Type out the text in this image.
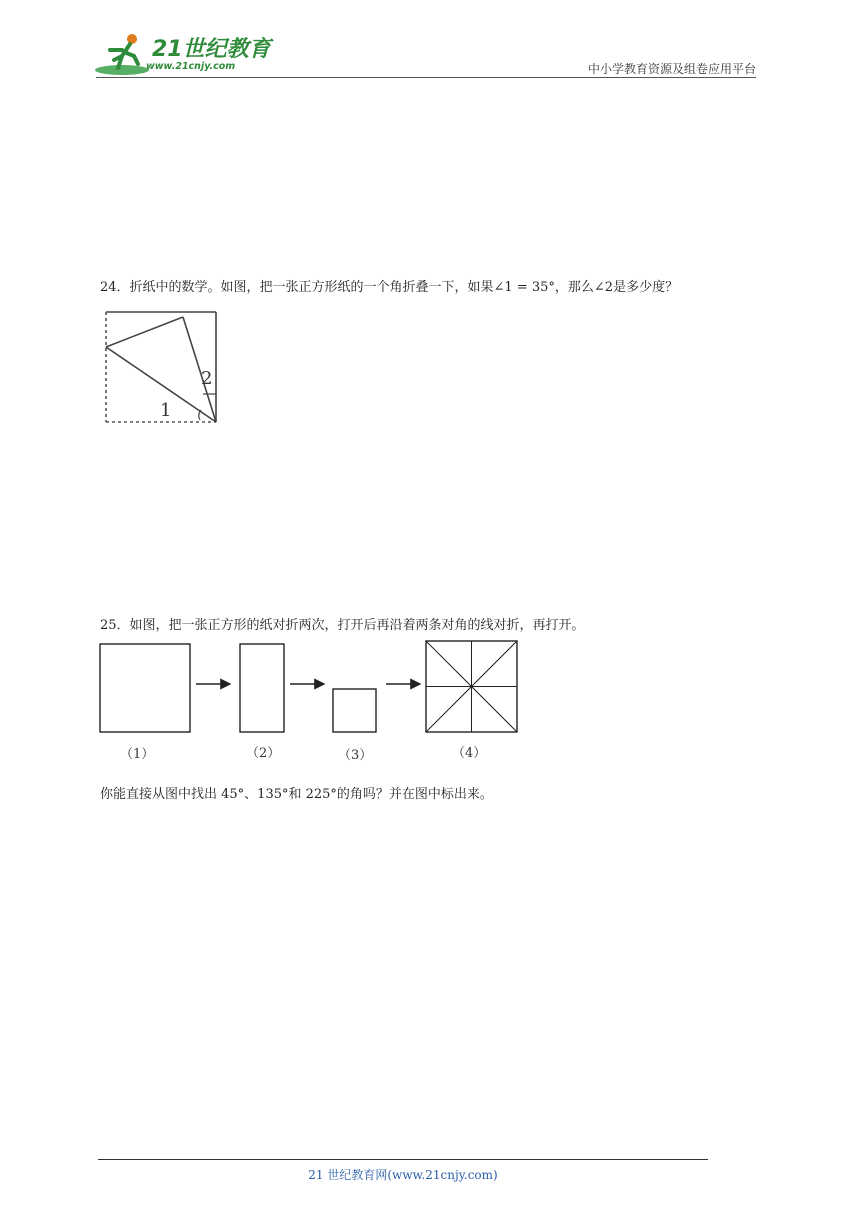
21世纪教育
www.21cnjy.com	中小学教育资源及组卷应用平台
24．折纸中的数学。如图，把一张正方形纸的一个角折叠一下，如果∠1 = 35°，那么∠2是多少度？
1
2
25．如图，把一张正方形的纸对折两次，打开后再沿着两条对角的线对折，再打开。
（1）	（2）	（3）	（4）
你能直接从图中找出 45°、135°和 225°的角吗？并在图中标出来。
21 世纪教育网(www.21cnjy.com)
